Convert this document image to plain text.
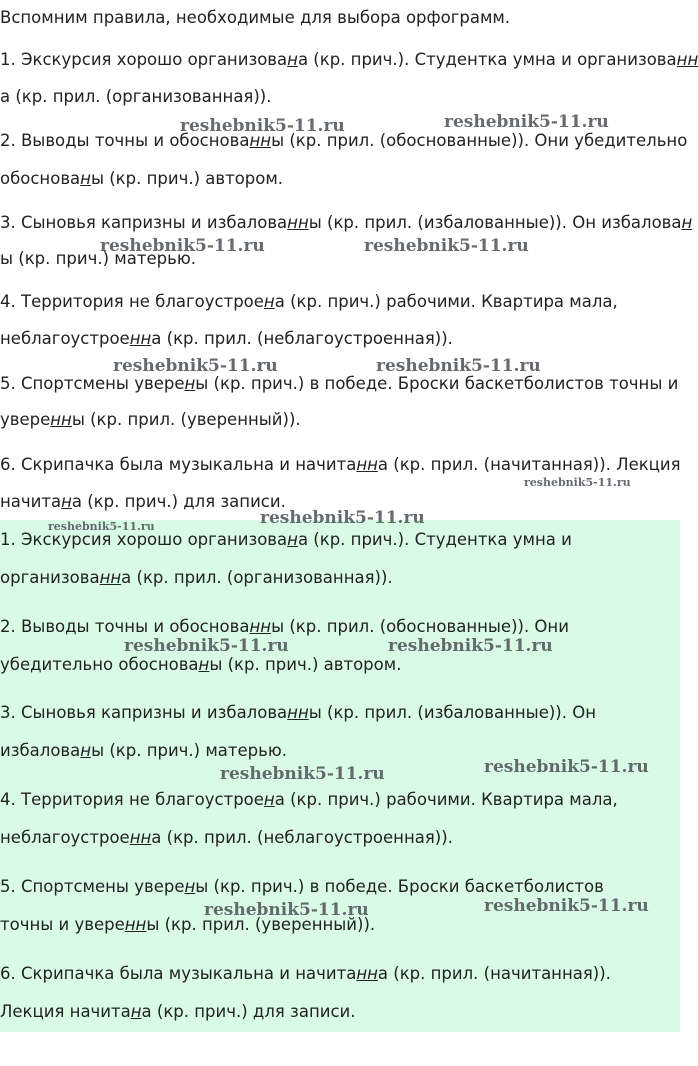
Вспомним правила, необходимые для выбора орфограмм.
1. Экскурсия хорошо организована (кр. прич.). Студентка умна и организованн
а (кр. прил. (организованная)).
2. Выводы точны и обоснованны (кр. прил. (обоснованные)). Они убедительно
обоснованы (кр. прич.) автором.
3. Сыновья капризны и избалованны (кр. прил. (избалованные)). Он избалован
ы (кр. прич.) матерью.
4. Территория не благоустроена (кр. прич.) рабочими. Квартира мала,
неблагоустроенна (кр. прил. (неблагоустроенная)).
5. Спортсмены уверены (кр. прич.) в победе. Броски баскетболистов точны и
уверенны (кр. прил. (уверенный)).
6. Скрипачка была музыкальна и начитанна (кр. прил. (начитанная)). Лекция
начитана (кр. прич.) для записи.
1. Экскурсия хорошо организована (кр. прич.). Студентка умна и
организованна (кр. прил. (организованная)).
2. Выводы точны и обоснованны (кр. прил. (обоснованные)). Они
убедительно обоснованы (кр. прич.) автором.
3. Сыновья капризны и избалованны (кр. прил. (избалованные)). Он
избалованы (кр. прич.) матерью.
4. Территория не благоустроена (кр. прич.) рабочими. Квартира мала,
неблагоустроенна (кр. прил. (неблагоустроенная)).
5. Спортсмены уверены (кр. прич.) в победе. Броски баскетболистов
точны и уверенны (кр. прил. (уверенный)).
6. Скрипачка была музыкальна и начитанна (кр. прил. (начитанная)).
Лекция начитана (кр. прич.) для записи.
reshebnik5-11.ru	reshebnik5-11.ru
reshebnik5-11.ru	reshebnik5-11.ru
reshebnik5-11.ru	reshebnik5-11.ru
reshebnik5-11.ru
reshebnik5-11.ru
reshebnik5-11.ru
reshebnik5-11.ru	reshebnik5-11.ru
reshebnik5-11.ru	reshebnik5-11.ru
reshebnik5-11.ru	reshebnik5-11.ru
